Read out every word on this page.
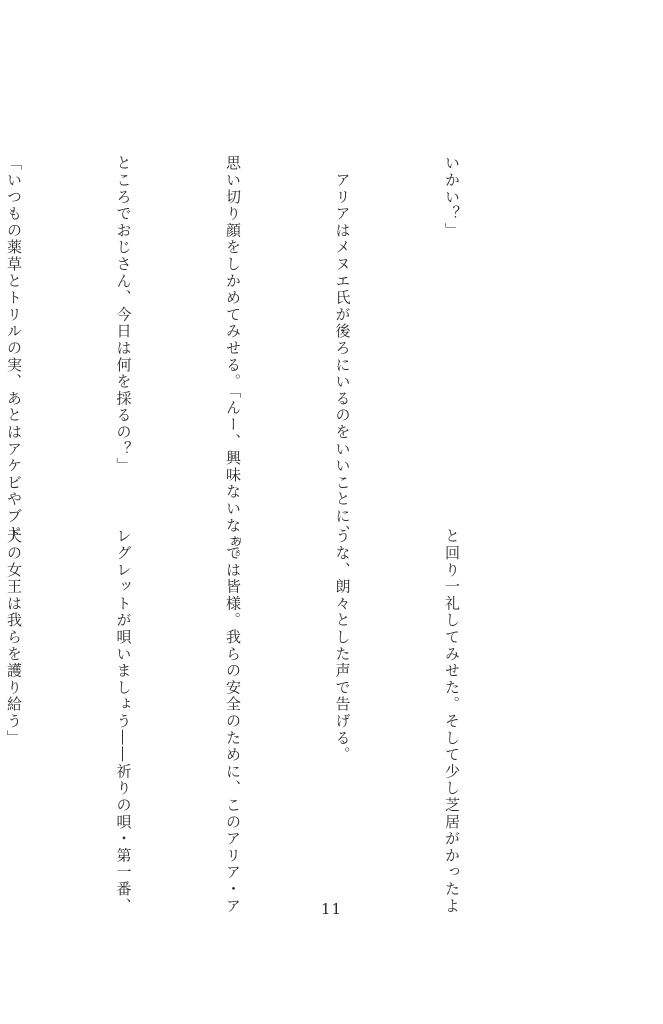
いかい？」

　アリアはメヌエ氏が後ろにいるのをいいことに、

思い切り顔をしかめてみせる。「んー、興味ないなぁ。

ところでおじさん、今日は何を採るの？」

「いつもの薬草とトリルの実、あとはアケビやブド

と回り一礼してみせた。そして少し芝居がかったよ

うな、朗々とした声で告げる。

「では皆様。我らの安全のために、このアリア・ア

レグレットが唄いましょう――祈りの唄・第一番、

天の女王は我らを護り給う」

11
